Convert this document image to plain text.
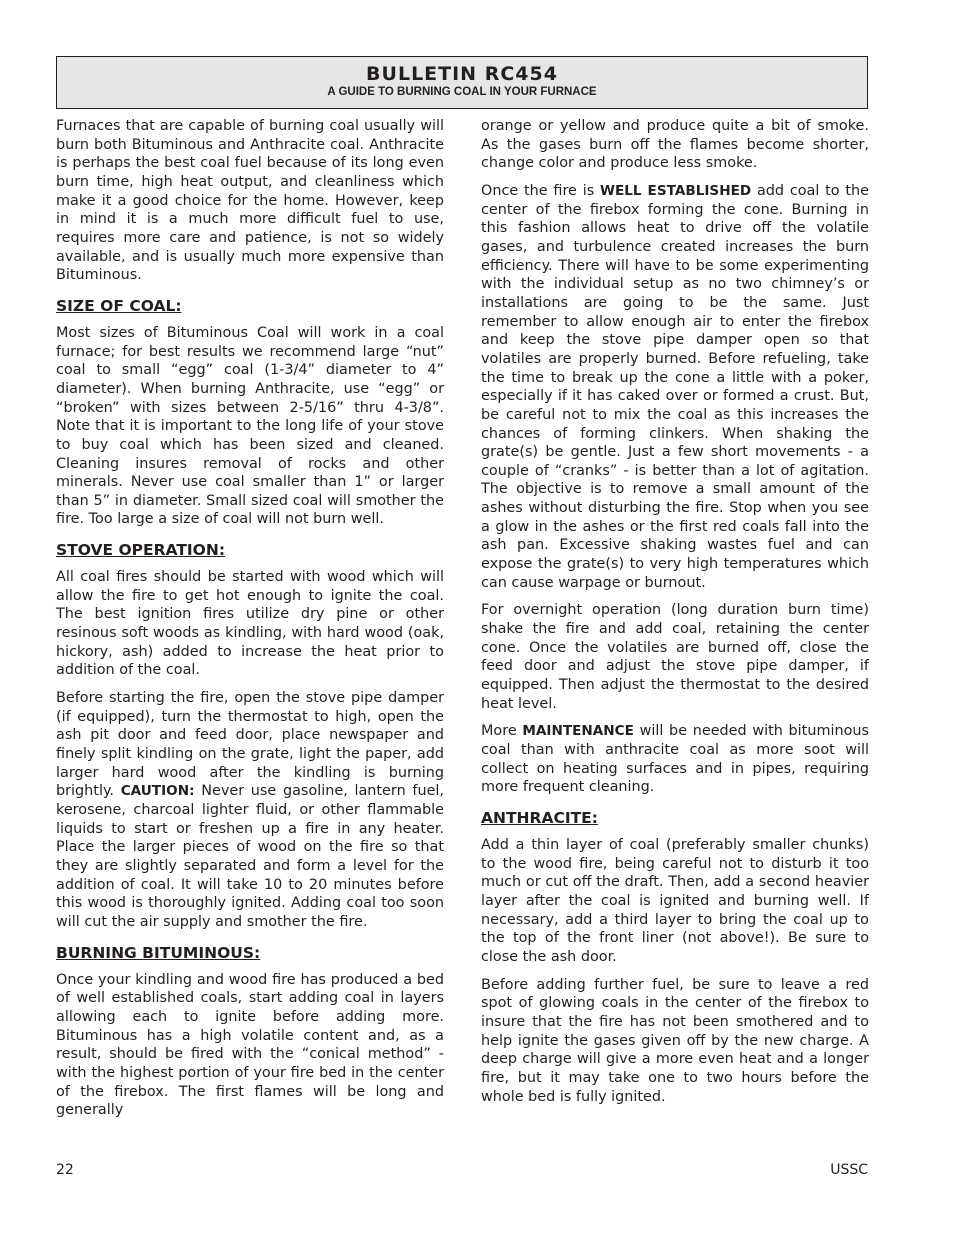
BULLETIN RC454
A GUIDE TO BURNING COAL IN YOUR FURNACE

Furnaces that are capable of burning coal usually will burn both Bituminous and Anthracite coal. Anthracite is perhaps the best coal fuel because of its long even burn time, high heat output, and cleanliness which make it a good choice for the home. However, keep in mind it is a much more difficult fuel to use, requires more care and patience, is not so widely available, and is usually much more expensive than Bituminous.

SIZE OF COAL:

Most sizes of Bituminous Coal will work in a coal furnace; for best results we recommend large “nut” coal to small “egg” coal (1-3/4” diameter to 4” diameter). When burning Anthracite, use “egg” or “broken” with sizes between 2-5/16” thru 4-3/8”. Note that it is important to the long life of your stove to buy coal which has been sized and cleaned. Cleaning insures removal of rocks and other minerals. Never use coal smaller than 1” or larger than 5” in diameter. Small sized coal will smother the fire. Too large a size of coal will not burn well.

STOVE OPERATION:

All coal fires should be started with wood which will allow the fire to get hot enough to ignite the coal. The best ignition fires utilize dry pine or other resinous soft woods as kindling, with hard wood (oak, hickory, ash) added to increase the heat prior to addition of the coal.

Before starting the fire, open the stove pipe damper (if equipped), turn the thermostat to high, open the ash pit door and feed door, place newspaper and finely split kindling on the grate, light the paper, add larger hard wood after the kindling is burning brightly. CAUTION: Never use gasoline, lantern fuel, kerosene, charcoal lighter fluid, or other flammable liquids to start or freshen up a fire in any heater. Place the larger pieces of wood on the fire so that they are slightly separated and form a level for the addition of coal. It will take 10 to 20 minutes before this wood is thoroughly ignited. Adding coal too soon will cut the air supply and smother the fire.

BURNING BITUMINOUS:

Once your kindling and wood fire has produced a bed of well established coals, start adding coal in layers allowing each to ignite before adding more. Bituminous has a high volatile content and, as a result, should be fired with the “conical method” - with the highest portion of your fire bed in the center of the firebox. The first flames will be long and generally

orange or yellow and produce quite a bit of smoke. As the gases burn off the flames become shorter, change color and produce less smoke.

Once the fire is WELL ESTABLISHED add coal to the center of the firebox forming the cone. Burning in this fashion allows heat to drive off the volatile gases, and turbulence created increases the burn efficiency. There will have to be some experimenting with the individual setup as no two chimney’s or installations are going to be the same. Just remember to allow enough air to enter the firebox and keep the stove pipe damper open so that volatiles are properly burned. Before refueling, take the time to break up the cone a little with a poker, especially if it has caked over or formed a crust. But, be careful not to mix the coal as this increases the chances of forming clinkers. When shaking the grate(s) be gentle. Just a few short movements - a couple of “cranks” - is better than a lot of agitation. The objective is to remove a small amount of the ashes without disturbing the fire. Stop when you see a glow in the ashes or the first red coals fall into the ash pan. Excessive shaking wastes fuel and can expose the grate(s) to very high temperatures which can cause warpage or burnout.

For overnight operation (long duration burn time) shake the fire and add coal, retaining the center cone. Once the volatiles are burned off, close the feed door and adjust the stove pipe damper, if equipped. Then adjust the thermostat to the desired heat level.

More MAINTENANCE will be needed with bituminous coal than with anthracite coal as more soot will collect on heating surfaces and in pipes, requiring more frequent cleaning.

ANTHRACITE:

Add a thin layer of coal (preferably smaller chunks) to the wood fire, being careful not to disturb it too much or cut off the draft. Then, add a second heavier layer after the coal is ignited and burning well. If necessary, add a third layer to bring the coal up to the top of the front liner (not above!). Be sure to close the ash door.

Before adding further fuel, be sure to leave a red spot of glowing coals in the center of the firebox to insure that the fire has not been smothered and to help ignite the gases given off by the new charge. A deep charge will give a more even heat and a longer fire, but it may take one to two hours before the whole bed is fully ignited.

22	USSC
